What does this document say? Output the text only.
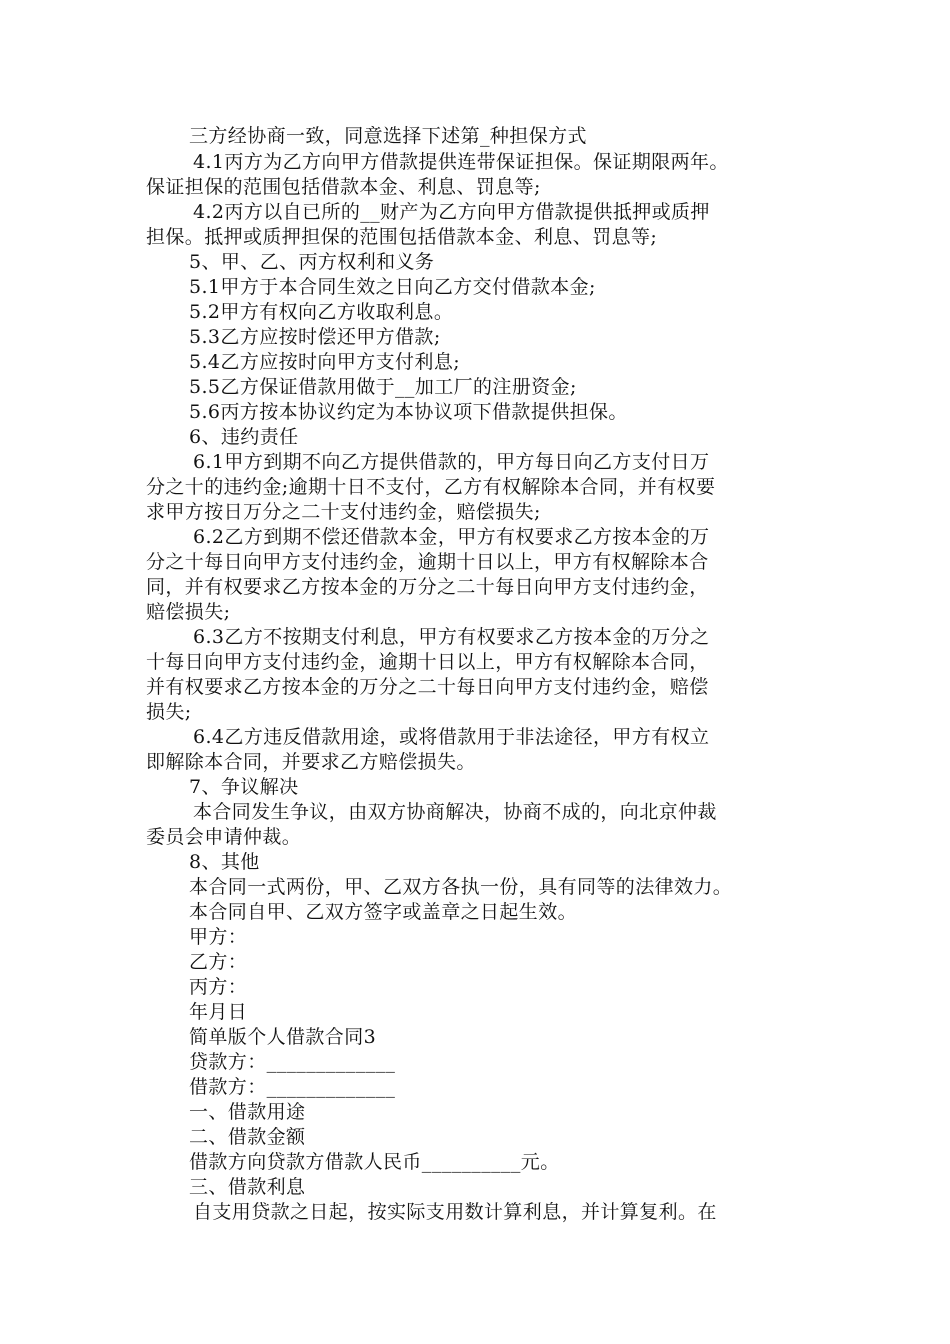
三方经协商一致，同意选择下述第_种担保方式
4.1丙方为乙方向甲方借款提供连带保证担保。保证期限两年。
保证担保的范围包括借款本金、利息、罚息等;
4.2丙方以自已所的__财产为乙方向甲方借款提供抵押或质押
担保。抵押或质押担保的范围包括借款本金、利息、罚息等;
5、甲、乙、丙方权利和义务
5.1甲方于本合同生效之日向乙方交付借款本金;
5.2甲方有权向乙方收取利息。
5.3乙方应按时偿还甲方借款;
5.4乙方应按时向甲方支付利息;
5.5乙方保证借款用做于__加工厂的注册资金;
5.6丙方按本协议约定为本协议项下借款提供担保。
6、违约责任
6.1甲方到期不向乙方提供借款的，甲方每日向乙方支付日万
分之十的违约金;逾期十日不支付，乙方有权解除本合同，并有权要
求甲方按日万分之二十支付违约金，赔偿损失;
6.2乙方到期不偿还借款本金，甲方有权要求乙方按本金的万
分之十每日向甲方支付违约金，逾期十日以上，甲方有权解除本合
同，并有权要求乙方按本金的万分之二十每日向甲方支付违约金，
赔偿损失;
6.3乙方不按期支付利息，甲方有权要求乙方按本金的万分之
十每日向甲方支付违约金，逾期十日以上，甲方有权解除本合同，
并有权要求乙方按本金的万分之二十每日向甲方支付违约金，赔偿
损失;
6.4乙方违反借款用途，或将借款用于非法途径，甲方有权立
即解除本合同，并要求乙方赔偿损失。
7、争议解决
本合同发生争议，由双方协商解决，协商不成的，向北京仲裁
委员会申请仲裁。
8、其他
本合同一式两份，甲、乙双方各执一份，具有同等的法律效力。
本合同自甲、乙双方签字或盖章之日起生效。
甲方：
乙方：
丙方：
年月日
简单版个人借款合同3
贷款方：_____________
借款方：_____________
一、借款用途
二、借款金额
借款方向贷款方借款人民币__________元。
三、借款利息
自支用贷款之日起，按实际支用数计算利息，并计算复利。在
